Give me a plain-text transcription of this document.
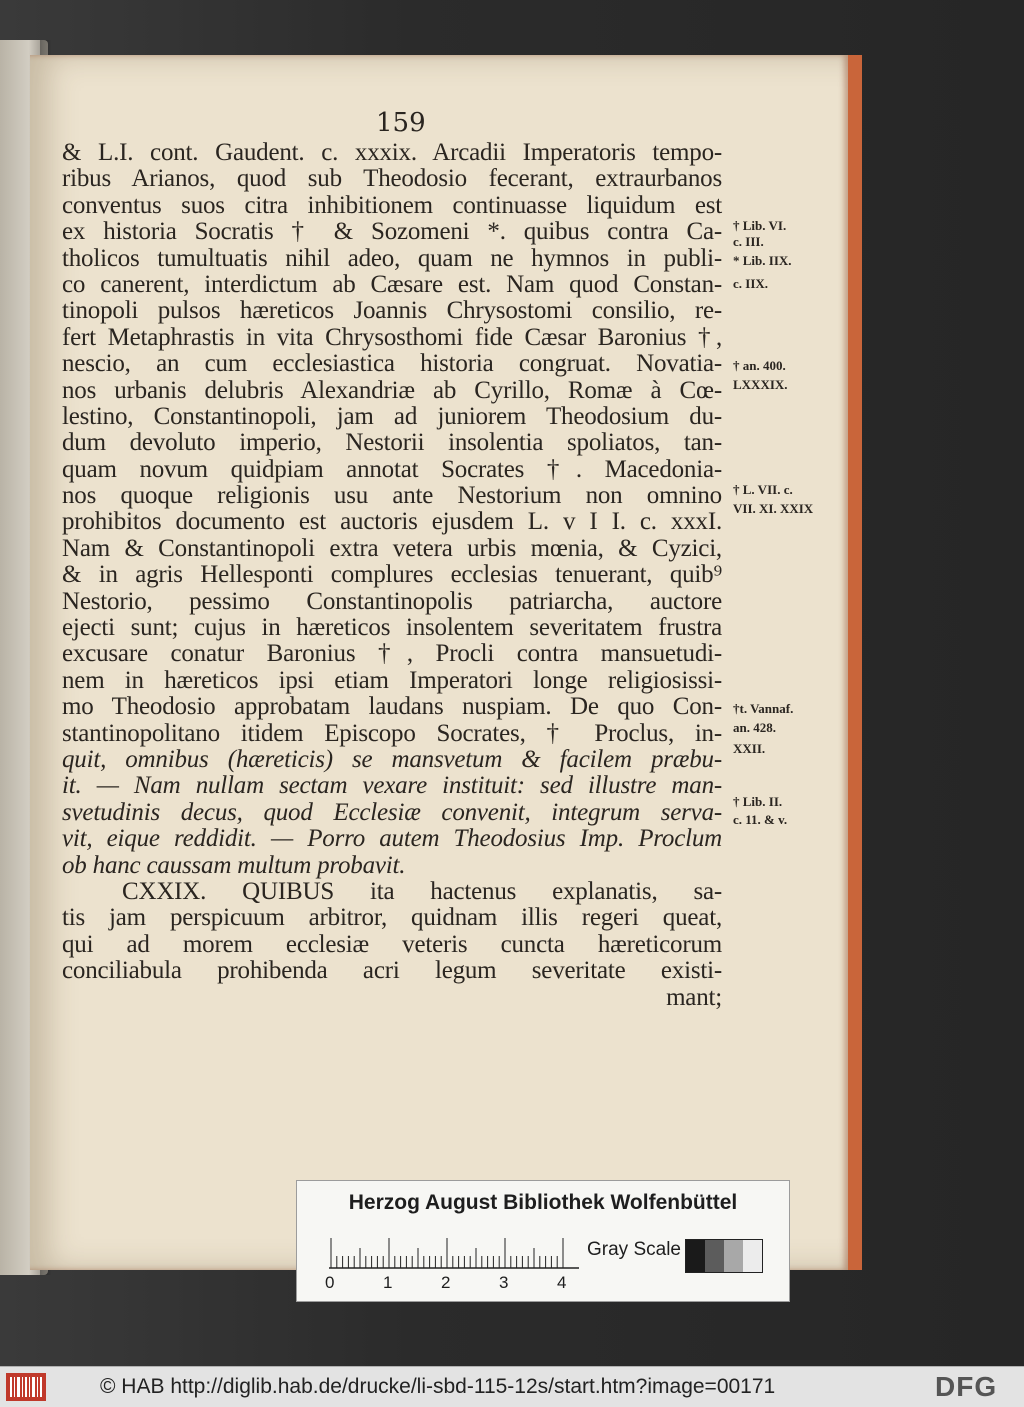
159
& L.I. cont. Gaudent. c. xxxix. Arcadii Imperatoris tempo-
ribus Arianos, quod sub Theodosio fecerant, extraurbanos
conventus suos citra inhibitionem continuasse liquidum est
ex historia Socratis † & Sozomeni *. quibus contra Ca-
tholicos tumultuatis nihil adeo, quam ne hymnos in publi-
co canerent, interdictum ab Cæsare est. Nam quod Constan-
tinopoli pulsos hæreticos Joannis Chrysostomi consilio, re-
fert Metaphrastis in vita Chrysosthomi fide Cæsar Baronius †,
nescio, an cum ecclesiastica historia congruat. Novatia-
nos urbanis delubris Alexandriæ ab Cyrillo, Romæ à Cœ-
lestino, Constantinopoli, jam ad juniorem Theodosium du-
dum devoluto imperio, Nestorii insolentia spoliatos, tan-
quam novum quidpiam annotat Socrates †. Macedonia-
nos quoque religionis usu ante Nestorium non omnino
prohibitos documento est auctoris ejusdem L. v I I. c. xxxI.
Nam & Constantinopoli extra vetera urbis mœnia, & Cyzici,
& in agris Hellesponti complures ecclesias tenuerant, quib⁹
Nestorio, pessimo Constantinopolis patriarcha, auctore
ejecti sunt; cujus in hæreticos insolentem severitatem frustra
excusare conatur Baronius †, Procli contra mansuetudi-
nem in hæreticos ipsi etiam Imperatori longe religiosissi-
mo Theodosio approbatam laudans nuspiam. De quo Con-
stantinopolitano itidem Episcopo Socrates, † Proclus, in-
quit, omnibus (hæreticis) se mansvetum & facilem præbu-
it. — Nam nullam sectam vexare instituit: sed illustre man-
svetudinis decus, quod Ecclesiæ convenit, integrum serva-
vit, eique reddidit. — Porro autem Theodosius Imp. Proclum
ob hanc caussam multum probavit.
CXXIX. QUIBUS ita hactenus explanatis, sa-
tis jam perspicuum arbitror, quidnam illis regeri queat,
qui ad morem ecclesiæ veteris cuncta hæreticorum
conciliabula prohibenda acri legum severitate existi-
mant;
† Lib. VI.
c. III.
* Lib. IIX.
c. IIX.
† an. 400.
LXXXIX.
† L. VII. c.
VII. XI. XXIX
†t. Vannaf.
an. 428.
XXII.
† Lib. II.
c. 11. & v.
Herzog August Bibliothek Wolfenbüttel
0	1	2	3	4
Gray Scale
© HAB http://diglib.hab.de/drucke/li-sbd-115-12s/start.htm?image=00171	DFG
